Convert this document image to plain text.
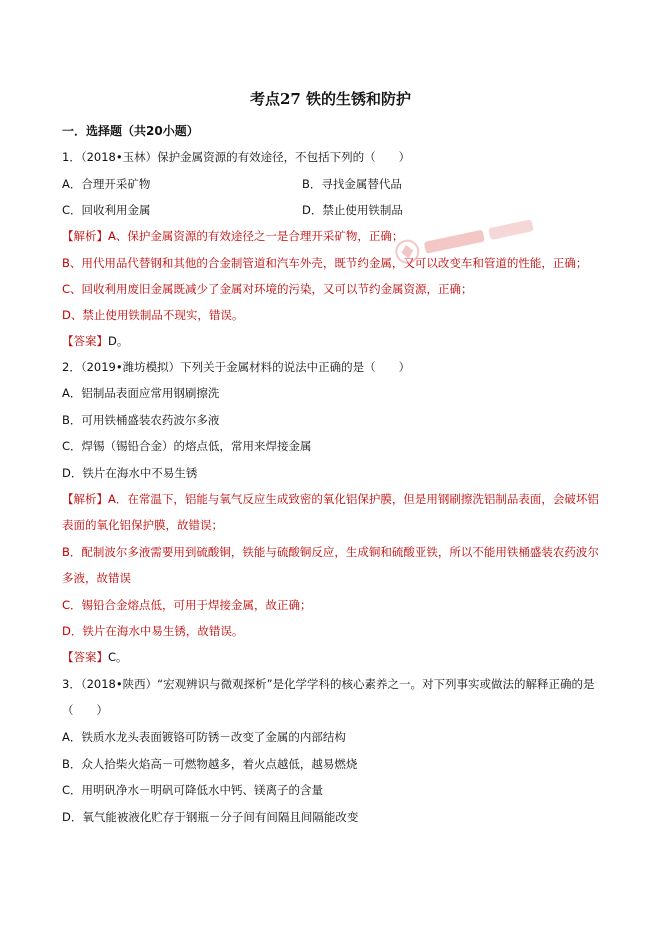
考点27 铁的生锈和防护
一．选择题（共20小题）
1．（2018•玉林）保护金属资源的有效途径，不包括下列的（　　）
A．合理开采矿物	B．寻找金属替代品
C．回收利用金属	D．禁止使用铁制品
【解析】A、保护金属资源的有效途径之一是合理开采矿物，正确；
B、用代用品代替钢和其他的合金制管道和汽车外壳，既节约金属，又可以改变车和管道的性能，正确；
C、回收利用废旧金属既减少了金属对环境的污染，又可以节约金属资源，正确；
D、禁止使用铁制品不现实，错误。
【答案】D。
2．（2019•潍坊模拟）下列关于金属材料的说法中正确的是（　　）
A．铝制品表面应常用钢刷擦洗
B．可用铁桶盛装农药波尔多液
C．焊锡（锡铅合金）的熔点低，常用来焊接金属
D．铁片在海水中不易生锈
【解析】A．在常温下，铝能与氧气反应生成致密的氧化铝保护膜，但是用钢刷擦洗铝制品表面，会破坏铝
表面的氧化铝保护膜，故错误；
B．配制波尔多液需要用到硫酸铜，铁能与硫酸铜反应，生成铜和硫酸亚铁，所以不能用铁桶盛装农药波尔
多液，故错误
C．锡铅合金熔点低，可用于焊接金属，故正确；
D．铁片在海水中易生锈，故错误。
【答案】C。
3．（2018•陕西）“宏观辨识与微观探析”是化学学科的核心素养之一。对下列事实或做法的解释正确的是
（　　）
A．铁质水龙头表面镀铬可防锈－改变了金属的内部结构
B．众人拾柴火焰高－可燃物越多，着火点越低，越易燃烧
C．用明矾净水－明矾可降低水中钙、镁离子的含量
D．氧气能被液化贮存于钢瓶－分子间有间隔且间隔能改变
